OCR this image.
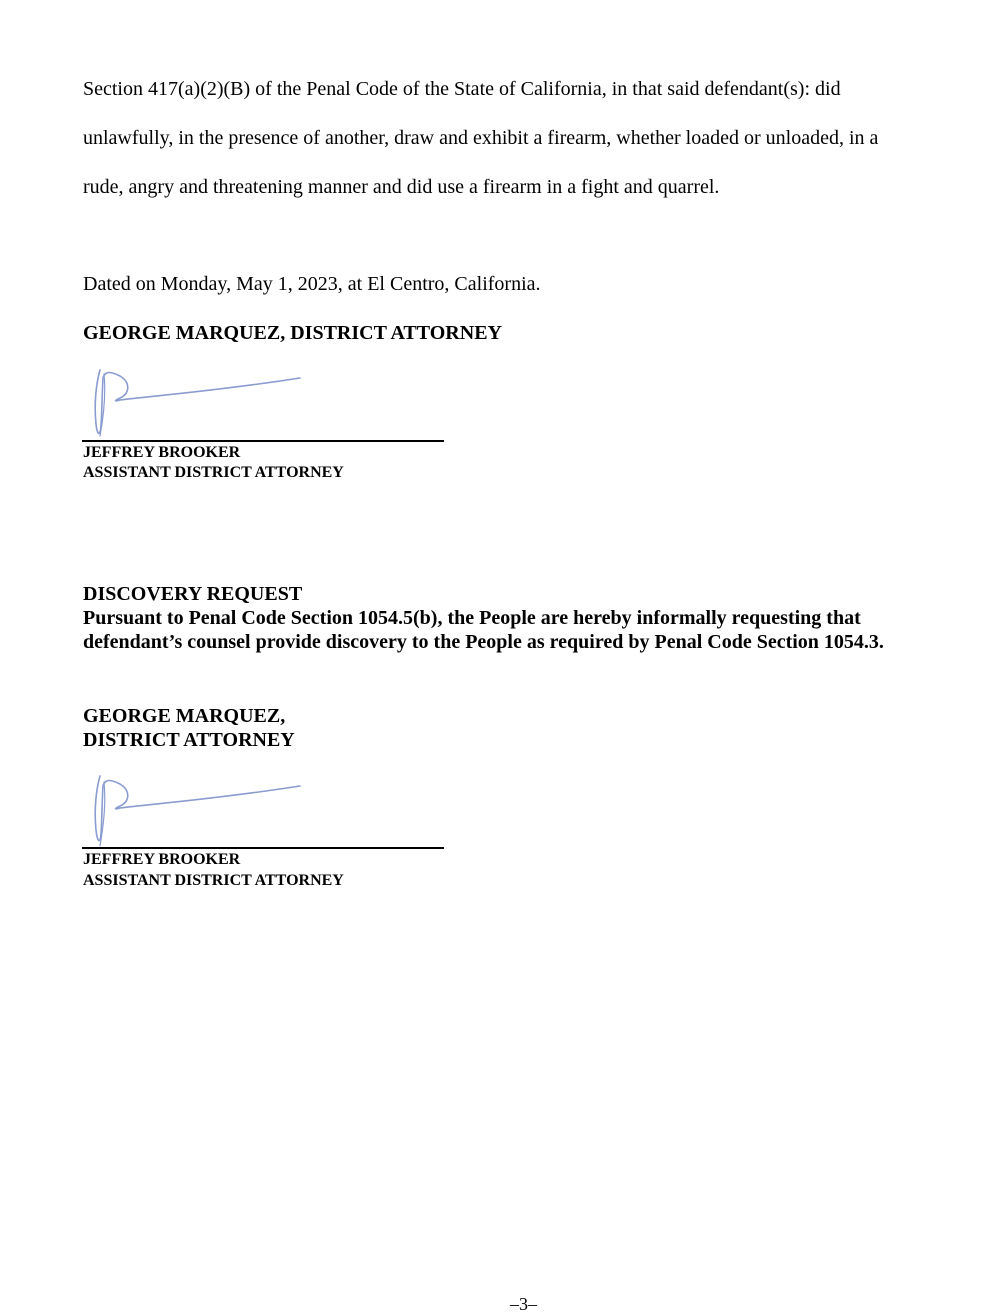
Section 417(a)(2)(B) of the Penal Code of the State of California, in that said defendant(s): did
unlawfully, in the presence of another, draw and exhibit a firearm, whether loaded or unloaded, in a
rude, angry and threatening manner and did use a firearm in a fight and quarrel.
Dated on Monday, May 1, 2023, at El Centro, California.
GEORGE MARQUEZ, DISTRICT ATTORNEY
JEFFREY BROOKER
ASSISTANT DISTRICT ATTORNEY
DISCOVERY REQUEST
Pursuant to Penal Code Section 1054.5(b), the People are hereby informally requesting that
defendant’s counsel provide discovery to the People as required by Penal Code Section 1054.3.
GEORGE MARQUEZ,
DISTRICT ATTORNEY
JEFFREY BROOKER
ASSISTANT DISTRICT ATTORNEY
–3–
